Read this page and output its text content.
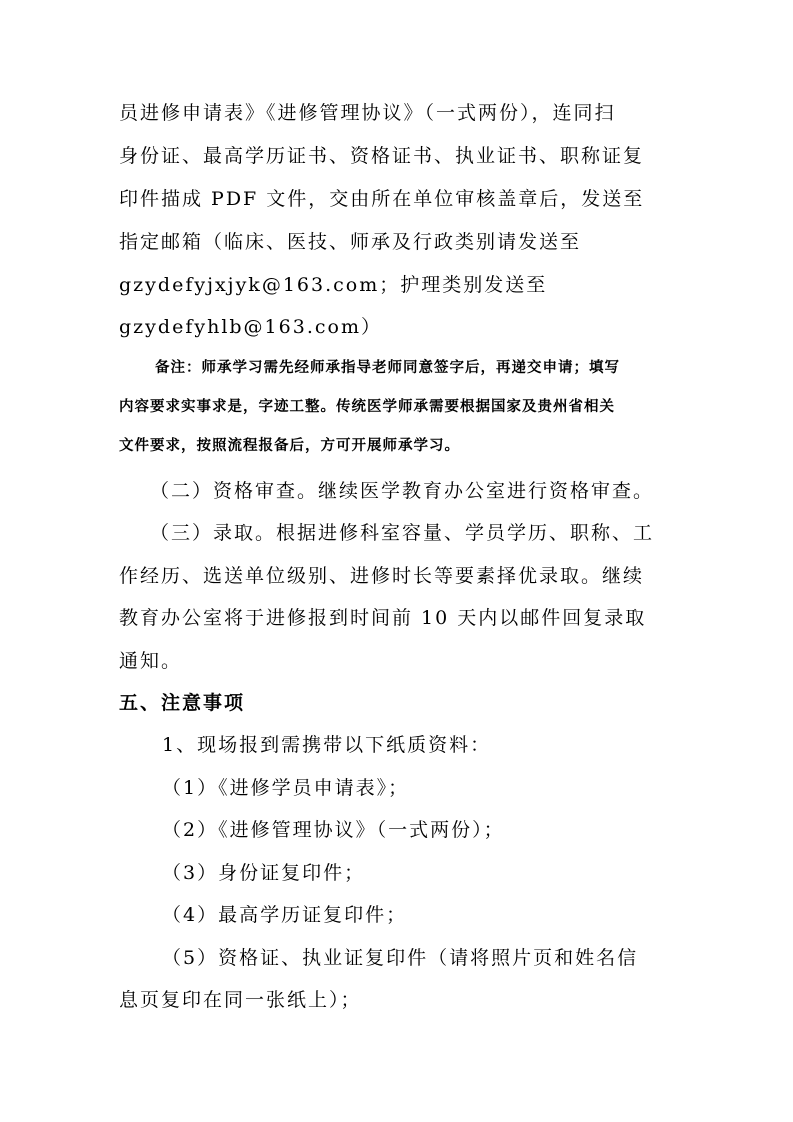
员进修申请表》《进修管理协议》（一式两份），连同扫
身份证、最高学历证书、资格证书、执业证书、职称证复
印件描成 PDF 文件，交由所在单位审核盖章后，发送至
指定邮箱（临床、医技、师承及行政类别请发送至
gzydefyjxjyk@163.com；护理类别发送至
gzydefyhlb@163.com）
备注：师承学习需先经师承指导老师同意签字后，再递交申请；填写
内容要求实事求是，字迹工整。传统医学师承需要根据国家及贵州省相关
文件要求，按照流程报备后，方可开展师承学习。
（二）资格审查。继续医学教育办公室进行资格审查。
（三）录取。根据进修科室容量、学员学历、职称、工
作经历、选送单位级别、进修时长等要素择优录取。继续
教育办公室将于进修报到时间前 10 天内以邮件回复录取
通知。
五、注意事项
1、现场报到需携带以下纸质资料：
（1）《进修学员申请表》；
（2）《进修管理协议》（一式两份）；
（3）身份证复印件；
（4）最高学历证复印件；
（5）资格证、执业证复印件（请将照片页和姓名信
息页复印在同一张纸上）；
